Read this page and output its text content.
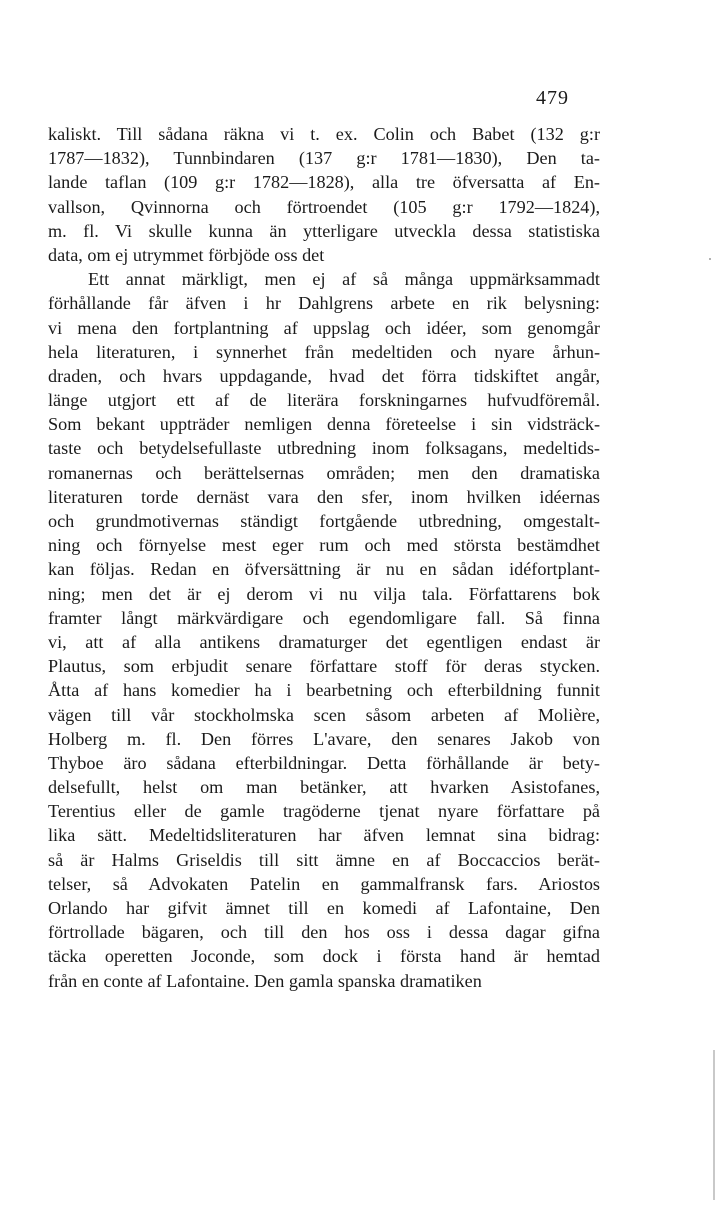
479
kaliskt. Till sådana räkna vi t. ex. Colin och Babet (132 g:r
1787—1832), Tunnbindaren (137 g:r 1781—1830), Den ta-
lande taflan (109 g:r 1782—1828), alla tre öfversatta af En-
vallson, Qvinnorna och förtroendet (105 g:r 1792—1824),
m. fl. Vi skulle kunna än ytterligare utveckla dessa statistiska
data, om ej utrymmet förbjöde oss det
Ett annat märkligt, men ej af så många uppmärksammadt
förhållande får äfven i hr Dahlgrens arbete en rik belysning:
vi mena den fortplantning af uppslag och idéer, som genomgår
hela literaturen, i synnerhet från medeltiden och nyare århun-
draden, och hvars uppdagande, hvad det förra tidskiftet angår,
länge utgjort ett af de literära forskningarnes hufvudföremål.
Som bekant uppträder nemligen denna företeelse i sin vidsträck-
taste och betydelsefullaste utbredning inom folksagans, medeltids-
romanernas och berättelsernas områden; men den dramatiska
literaturen torde dernäst vara den sfer, inom hvilken idéernas
och grundmotivernas ständigt fortgående utbredning, omgestalt-
ning och förnyelse mest eger rum och med största bestämdhet
kan följas. Redan en öfversättning är nu en sådan idéfortplant-
ning; men det är ej derom vi nu vilja tala. Författarens bok
framter långt märkvärdigare och egendomligare fall. Så finna
vi, att af alla antikens dramaturger det egentligen endast är
Plautus, som erbjudit senare författare stoff för deras stycken.
Åtta af hans komedier ha i bearbetning och efterbildning funnit
vägen till vår stockholmska scen såsom arbeten af Molière,
Holberg m. fl. Den förres L'avare, den senares Jakob von
Thyboe äro sådana efterbildningar. Detta förhållande är bety-
delsefullt, helst om man betänker, att hvarken Asistofanes,
Terentius eller de gamle tragöderne tjenat nyare författare på
lika sätt. Medeltidsliteraturen har äfven lemnat sina bidrag:
så är Halms Griseldis till sitt ämne en af Boccaccios berät-
telser, så Advokaten Patelin en gammalfransk fars. Ariostos
Orlando har gifvit ämnet till en komedi af Lafontaine, Den
förtrollade bägaren, och till den hos oss i dessa dagar gifna
täcka operetten Joconde, som dock i första hand är hemtad
från en conte af Lafontaine. Den gamla spanska dramatiken
